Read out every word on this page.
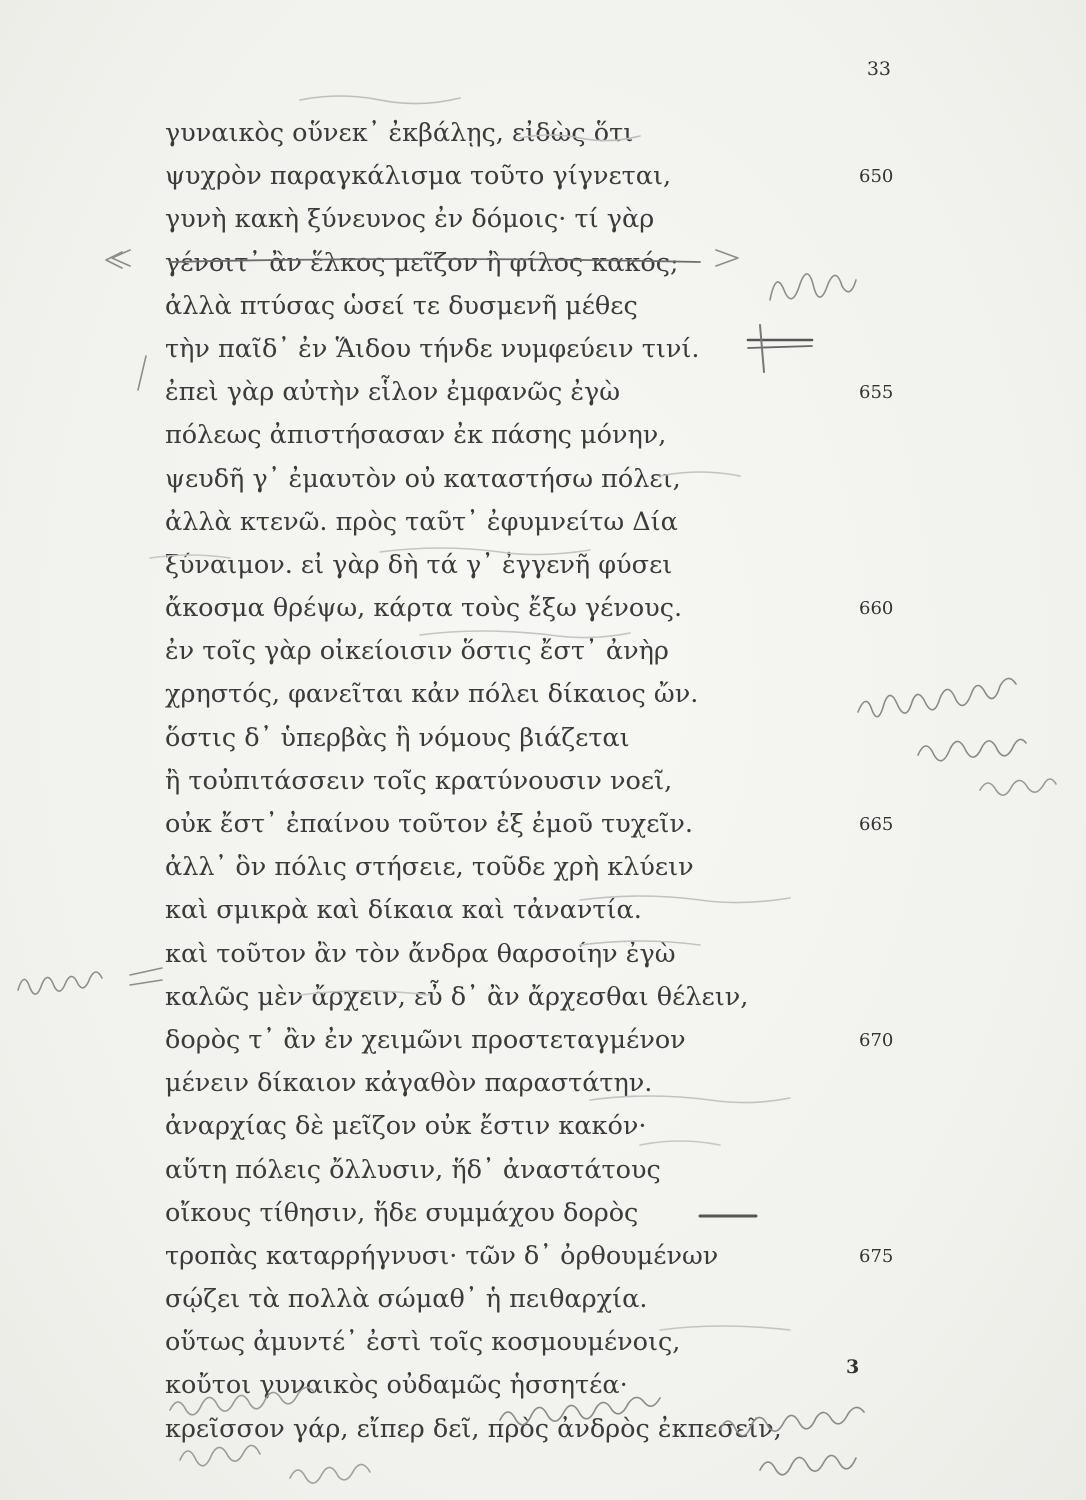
33
γυναικὸς οὕνεκ᾽ ἐκβάλῃς, εἰδὼς ὅτι
ψυχρὸν παραγκάλισμα τοῦτο γίγνεται,	650
γυνὴ κακὴ ξύνευνος ἐν δόμοις· τί γὰρ
γένοιτ᾽ ἂν ἕλκος μεῖζον ἢ φίλος κακός;
ἀλλὰ πτύσας ὡσεί τε δυσμενῆ μέθες
τὴν παῖδ᾽ ἐν Ἅιδου τήνδε νυμφεύειν τινί.
ἐπεὶ γὰρ αὐτὴν εἷλον ἐμφανῶς ἐγὼ	655
πόλεως ἀπιστήσασαν ἐκ πάσης μόνην,
ψευδῆ γ᾽ ἐμαυτὸν οὐ καταστήσω πόλει,
ἀλλὰ κτενῶ. πρὸς ταῦτ᾽ ἐφυμνείτω Δία
ξύναιμον. εἰ γὰρ δὴ τά γ᾽ ἐγγενῆ φύσει
ἄκοσμα θρέψω, κάρτα τοὺς ἔξω γένους.	660
ἐν τοῖς γὰρ οἰκείοισιν ὅστις ἔστ᾽ ἀνὴρ
χρηστός, φανεῖται κἀν πόλει δίκαιος ὤν.
ὅστις δ᾽ ὑπερβὰς ἢ νόμους βιάζεται
ἢ τοὐπιτάσσειν τοῖς κρατύνουσιν νοεῖ,
οὐκ ἔστ᾽ ἐπαίνου τοῦτον ἐξ ἐμοῦ τυχεῖν.	665
ἀλλ᾽ ὃν πόλις στήσειε, τοῦδε χρὴ κλύειν
καὶ σμικρὰ καὶ δίκαια καὶ τἀναντία.
καὶ τοῦτον ἂν τὸν ἄνδρα θαρσοίην ἐγὼ
καλῶς μὲν ἄρχειν, εὖ δ᾽ ἂν ἄρχεσθαι θέλειν,
δορὸς τ᾽ ἂν ἐν χειμῶνι προστεταγμένον	670
μένειν δίκαιον κἀγαθὸν παραστάτην.
ἀναρχίας δὲ μεῖζον οὐκ ἔστιν κακόν·
αὕτη πόλεις ὄλλυσιν, ἥδ᾽ ἀναστάτους
οἴκους τίθησιν, ἥδε συμμάχου δορὸς
τροπὰς καταρρήγνυσι· τῶν δ᾽ ὀρθουμένων	675
σῴζει τὰ πολλὰ σώμαθ᾽ ἡ πειθαρχία.
οὕτως ἀμυντέ᾽ ἐστὶ τοῖς κοσμουμένοις,
κοὔτοι γυναικὸς οὐδαμῶς ἡσσητέα·
κρεῖσσον γάρ, εἴπερ δεῖ, πρὸς ἀνδρὸς ἐκπεσεῖν,
3
